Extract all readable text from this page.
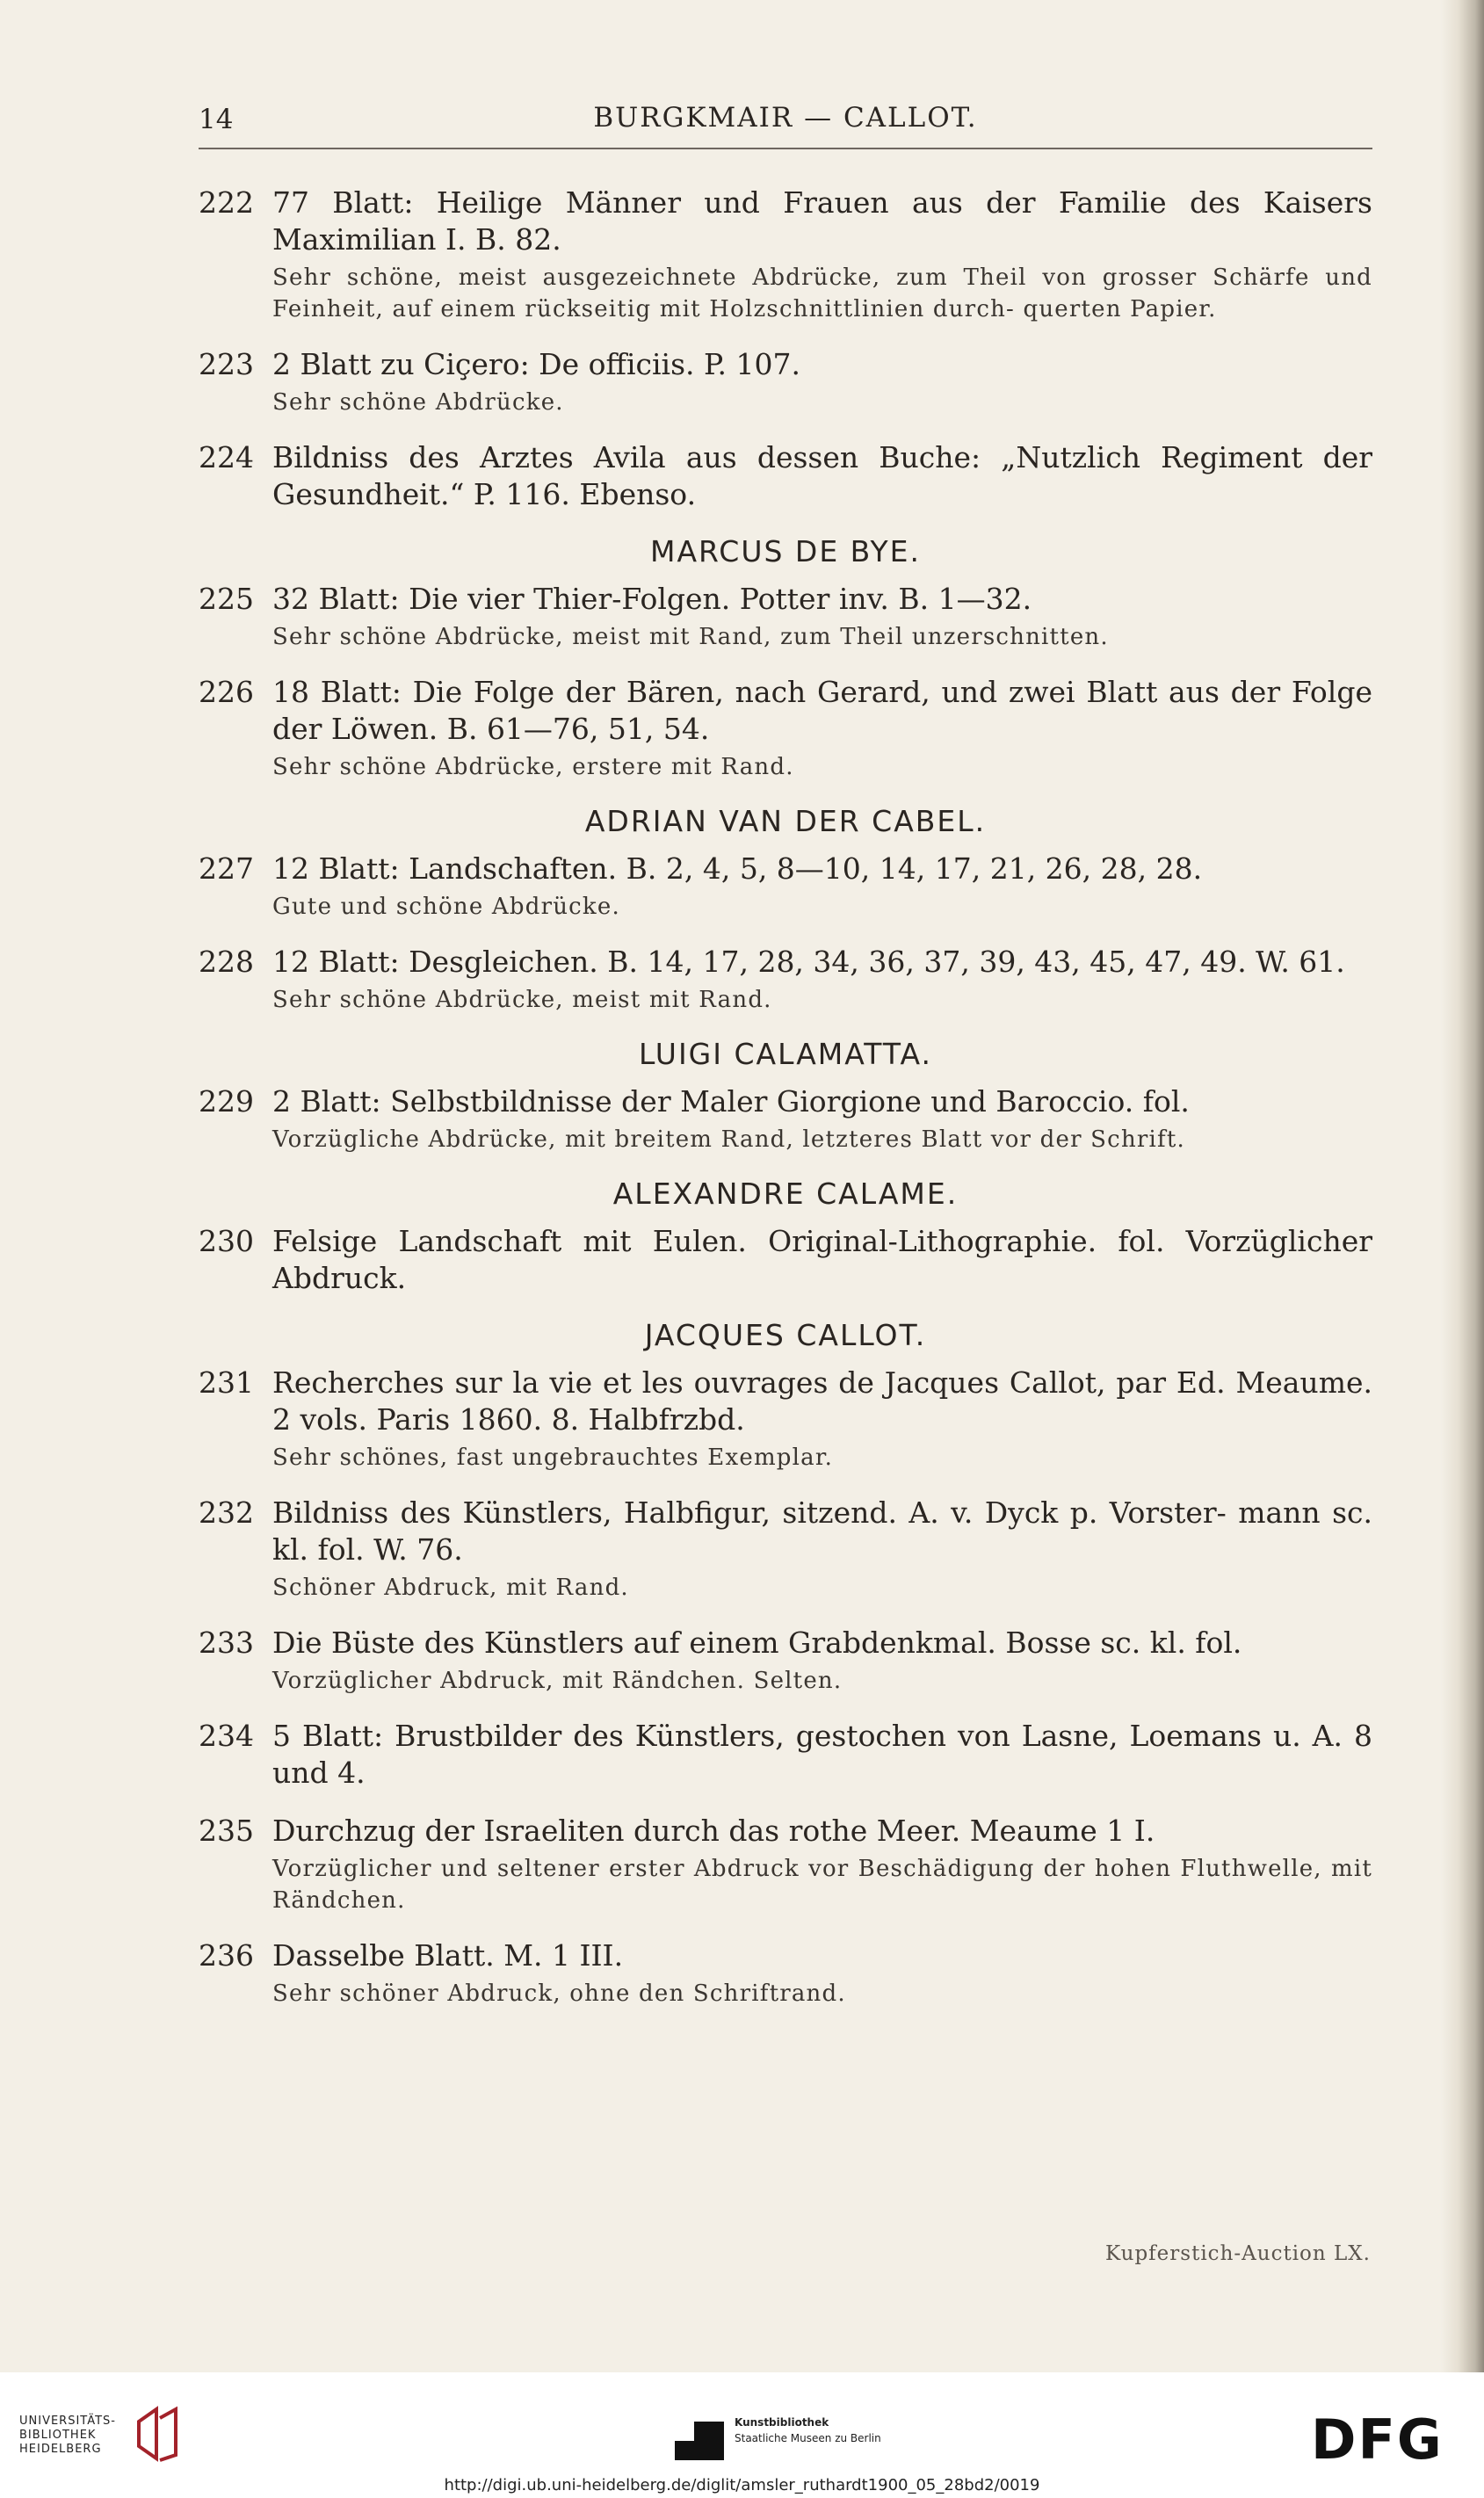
14	BURGKMAIR — CALLOT.
222 77 Blatt: Heilige Männer und Frauen aus der Familie des Kaisers Maximilian I. B. 82.
Sehr schöne, meist ausgezeichnete Abdrücke, zum Theil von grosser Schärfe und Feinheit, auf einem rückseitig mit Holzschnittlinien durch- querten Papier.
223 2 Blatt zu Ciçero: De officiis. P. 107.
Sehr schöne Abdrücke.
224 Bildniss des Arztes Avila aus dessen Buche: „Nutzlich Regiment der Gesundheit.“ P. 116. Ebenso.
MARCUS DE BYE.
225 32 Blatt: Die vier Thier-Folgen. Potter inv. B. 1—32.
Sehr schöne Abdrücke, meist mit Rand, zum Theil unzerschnitten.
226 18 Blatt: Die Folge der Bären, nach Gerard, und zwei Blatt aus der Folge der Löwen. B. 61—76, 51, 54.
Sehr schöne Abdrücke, erstere mit Rand.
ADRIAN VAN DER CABEL.
227 12 Blatt: Landschaften. B. 2, 4, 5, 8—10, 14, 17, 21, 26, 28, 28.
Gute und schöne Abdrücke.
228 12 Blatt: Desgleichen. B. 14, 17, 28, 34, 36, 37, 39, 43, 45, 47, 49. W. 61.
Sehr schöne Abdrücke, meist mit Rand.
LUIGI CALAMATTA.
229 2 Blatt: Selbstbildnisse der Maler Giorgione und Baroccio. fol.
Vorzügliche Abdrücke, mit breitem Rand, letzteres Blatt vor der Schrift.
ALEXANDRE CALAME.
230 Felsige Landschaft mit Eulen. Original-Lithographie. fol. Vorzüglicher Abdruck.
JACQUES CALLOT.
231 Recherches sur la vie et les ouvrages de Jacques Callot, par Ed. Meaume. 2 vols. Paris 1860. 8. Halbfrzbd.
Sehr schönes, fast ungebrauchtes Exemplar.
232 Bildniss des Künstlers, Halbfigur, sitzend. A. v. Dyck p. Vorster- mann sc. kl. fol. W. 76.
Schöner Abdruck, mit Rand.
233 Die Büste des Künstlers auf einem Grabdenkmal. Bosse sc. kl. fol.
Vorzüglicher Abdruck, mit Rändchen. Selten.
234 5 Blatt: Brustbilder des Künstlers, gestochen von Lasne, Loemans u. A. 8 und 4.
235 Durchzug der Israeliten durch das rothe Meer. Meaume 1 I.
Vorzüglicher und seltener erster Abdruck vor Beschädigung der hohen Fluthwelle, mit Rändchen.
236 Dasselbe Blatt. M. 1 III.
Sehr schöner Abdruck, ohne den Schriftrand.
Kupferstich-Auction LX.
UNIVERSITÄTS-
BIBLIOTHEK
HEIDELBERG
Kunstbibliothek
Staatliche Museen zu Berlin	DFG
http://digi.ub.uni-heidelberg.de/diglit/amsler_ruthardt1900_05_28bd2/0019
